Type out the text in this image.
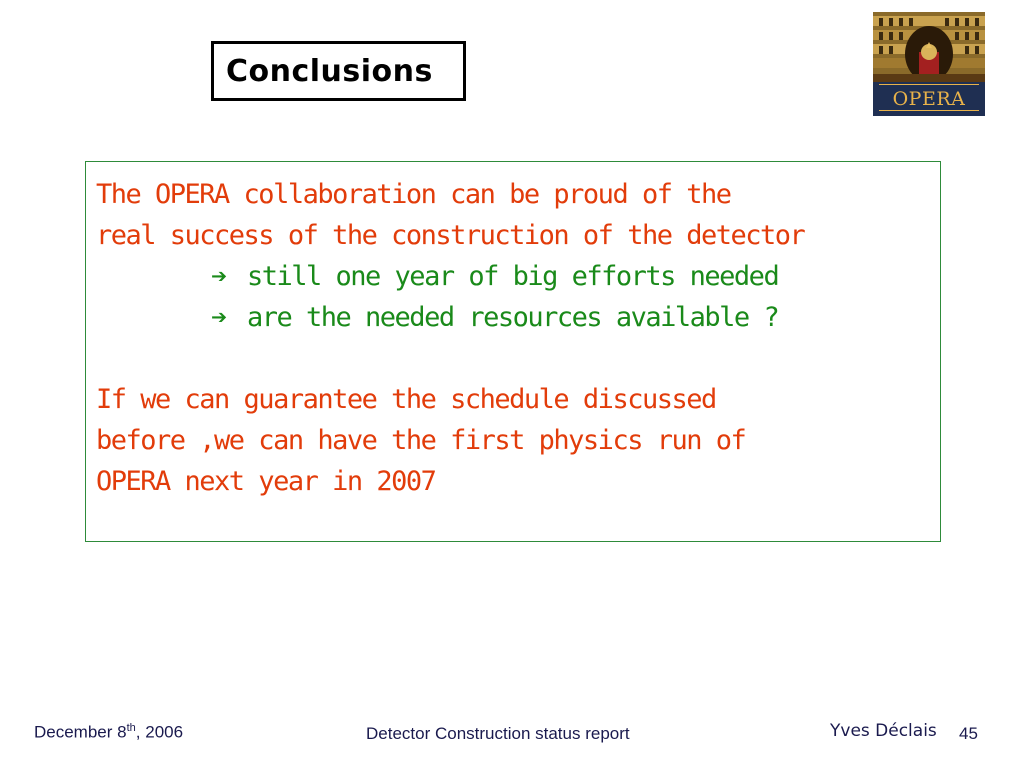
Conclusions
OPERA
The OPERA collaboration can be proud of the
real success of the construction of the detector
➔ still one year of big efforts needed
➔ are the needed resources available ?
If we can guarantee the schedule discussed
before ,we can have the first physics run of
OPERA next year in 2007
December 8th, 2006	Detector Construction status report	Yves Déclais 45
